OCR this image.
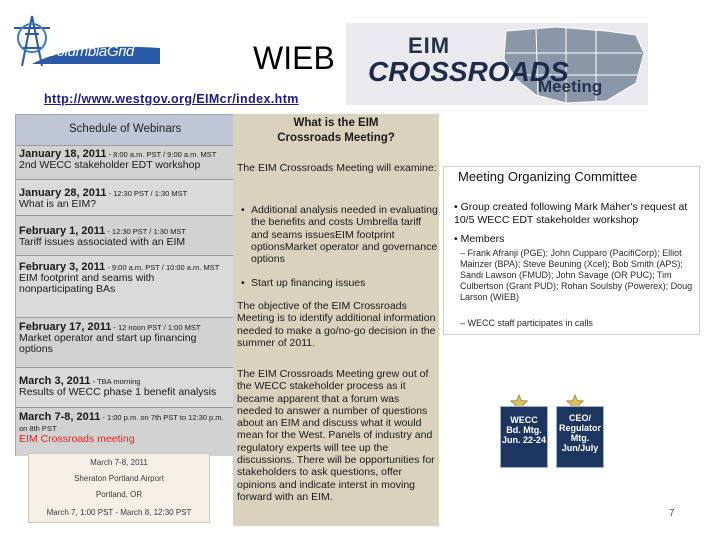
ColumbiaGrid	WIEB	EIM
CROSSROADS
Meeting
http://www.westgov.org/EIMcr/index.htm
Schedule of Webinars
January 18, 2011 - 8:00 a.m. PST / 9:00 a.m. MST
2nd WECC stakeholder EDT workshop
January 28, 2011 - 12:30 PST / 1:30 MST
What is an EIM?
February 1, 2011 - 12:30 PST / 1:30 MST
Tariff issues associated with an EIM
February 3, 2011 - 9:00 a.m. PST / 10:00 a.m. MST
EIM footprint and seams with nonparticipating BAs
February 17, 2011 - 12 noon PST / 1:00 MST
Market operator and start up financing options
March 3, 2011 - TBA morning
Results of WECC phase 1 benefit analysis
March 7-8, 2011 - 1:00 p.m. on 7th PST to 12:30 p.m. on 8th PST
EIM Crossroads meeting
March 7-8, 2011
Sheraton Portland Airport
Portland, OR
March 7, 1:00 PST - March 8, 12:30 PST
What is the EIM
Crossroads Meeting?
The EIM Crossroads Meeting will examine:
• Additional analysis needed in evaluating the benefits and costs Umbrella tariff and seams issuesEIM footprint optionsMarket operator and governance options
• Start up financing issues
The objective of the EIM Crossroads Meeting is to identify additional information needed to make a go/no-go decision in the summer of 2011.
The EIM Crossroads Meeting grew out of the WECC stakeholder process as it became apparent that a forum was needed to answer a number of questions about an EIM and discuss what it would mean for the West. Panels of industry and regulatory experts will tee up the discussions. There will be opportunities for stakeholders to ask questions, offer opinions and indicate interst in moving forward with an EIM.
Meeting Organizing Committee
• Group created following Mark Maher's request at 10/5 WECC EDT stakeholder workshop
• Members
– Frank Afranji (PGE); John Cupparo (PacifiCorp); Elliot Mainzer (BPA); Steve Beuning (Xcel); Bob Smith (APS); Sandi Lawson (FMUD); John Savage (OR PUC); Tim Culbertson (Grant PUD); Rohan Soulsby (Powerex); Doug Larson (WIEB)
– WECC staff participates in calls
WECC
Bd. Mtg.
Jun. 22-24
CEO/
Regulator
Mtg.
Jun/July
7
